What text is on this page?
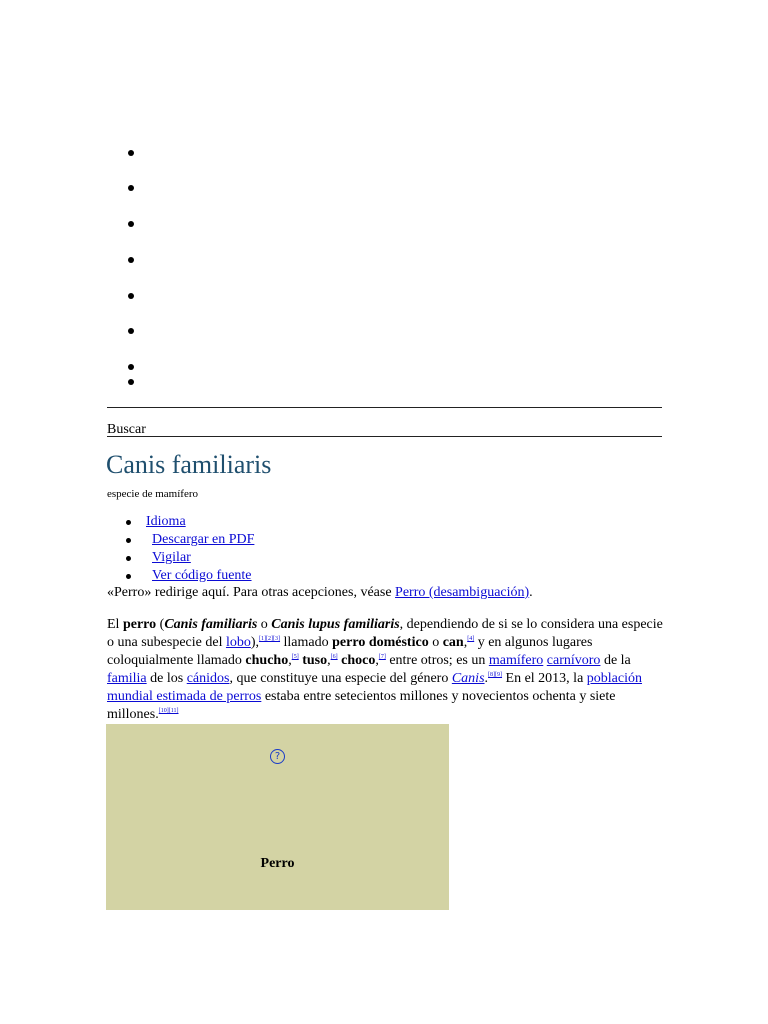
Buscar
Canis familiaris
especie de mamífero
Idioma
Descargar en PDF
Vigilar
Ver código fuente
«Perro» redirige aquí. Para otras acepciones, véase Perro (desambiguación).
El perro (Canis familiaris o Canis lupus familiaris, dependiendo de si se lo considera una especie o una subespecie del lobo),[1][2][3] llamado perro doméstico o can,[4] y en algunos lugares coloquialmente llamado chucho,[5] tuso,[6] choco,[7] entre otros; es un mamífero carnívoro de la familia de los cánidos, que constituye una especie del género Canis.[8][9] En el 2013, la población mundial estimada de perros estaba entre setecientos millones y novecientos ochenta y siete millones.[10][11]
?
Perro
